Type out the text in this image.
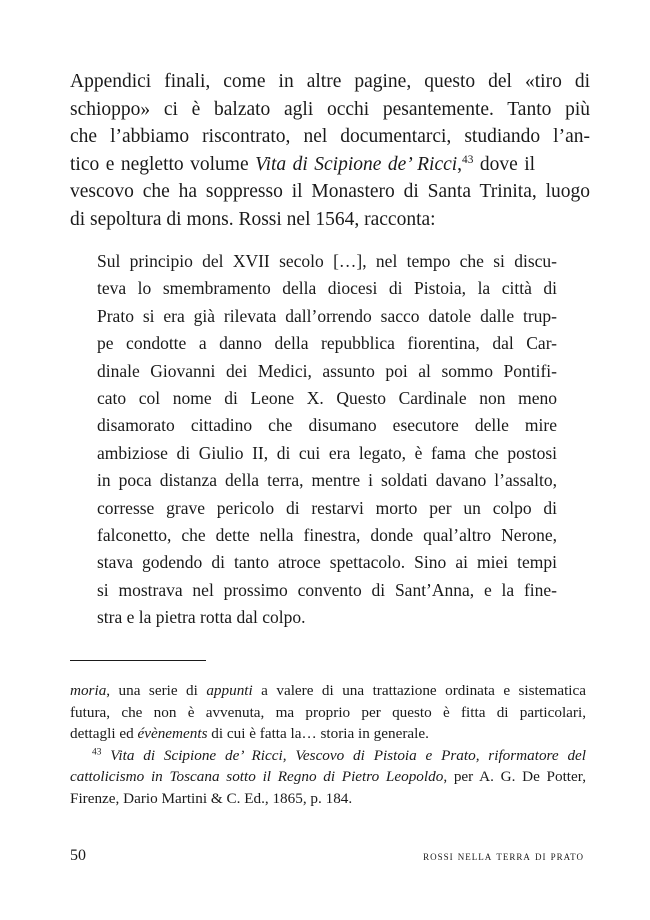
Appendici finali, come in altre pagine, questo del «tiro di
schioppo» ci è balzato agli occhi pesantemente. Tanto più
che l’abbiamo riscontrato, nel documentarci, studiando l’an-
tico e negletto volume Vita di Scipione de’ Ricci,$^{43}$ dove il
vescovo che ha soppresso il Monastero di Santa Trinita, luogo
di sepoltura di mons. Rossi nel 1564, racconta:
Sul principio del XVII secolo […], nel tempo che si discu-
teva lo smembramento della diocesi di Pistoia, la città di
Prato si era già rilevata dall’orrendo sacco datole dalle trup-
pe condotte a danno della repubblica fiorentina, dal Car-
dinale Giovanni dei Medici, assunto poi al sommo Pontifi-
cato col nome di Leone X. Questo Cardinale non meno
disamorato cittadino che disumano esecutore delle mire
ambiziose di Giulio II, di cui era legato, è fama che postosi
in poca distanza della terra, mentre i soldati davano l’assalto,
corresse grave pericolo di restarvi morto per un colpo di
falconetto, che dette nella finestra, donde qual’altro Nerone,
stava godendo di tanto atroce spettacolo. Sino ai miei tempi
si mostrava nel prossimo convento di Sant’Anna, e la fine-
stra e la pietra rotta dal colpo.
moria, una serie di appunti a valere di una trattazione ordinata e sistematica
futura, che non è avvenuta, ma proprio per questo è fitta di particolari,
dettagli ed évènements di cui è fatta la… storia in generale.
$^{43}$ Vita di Scipione de’ Ricci, Vescovo di Pistoia e Prato, riformatore del
cattolicismo in Toscana sotto il Regno di Pietro Leopoldo, per A. G. De Potter,
Firenze, Dario Martini & C. Ed., 1865, p. 184.
50	rossi nella terra di prato
